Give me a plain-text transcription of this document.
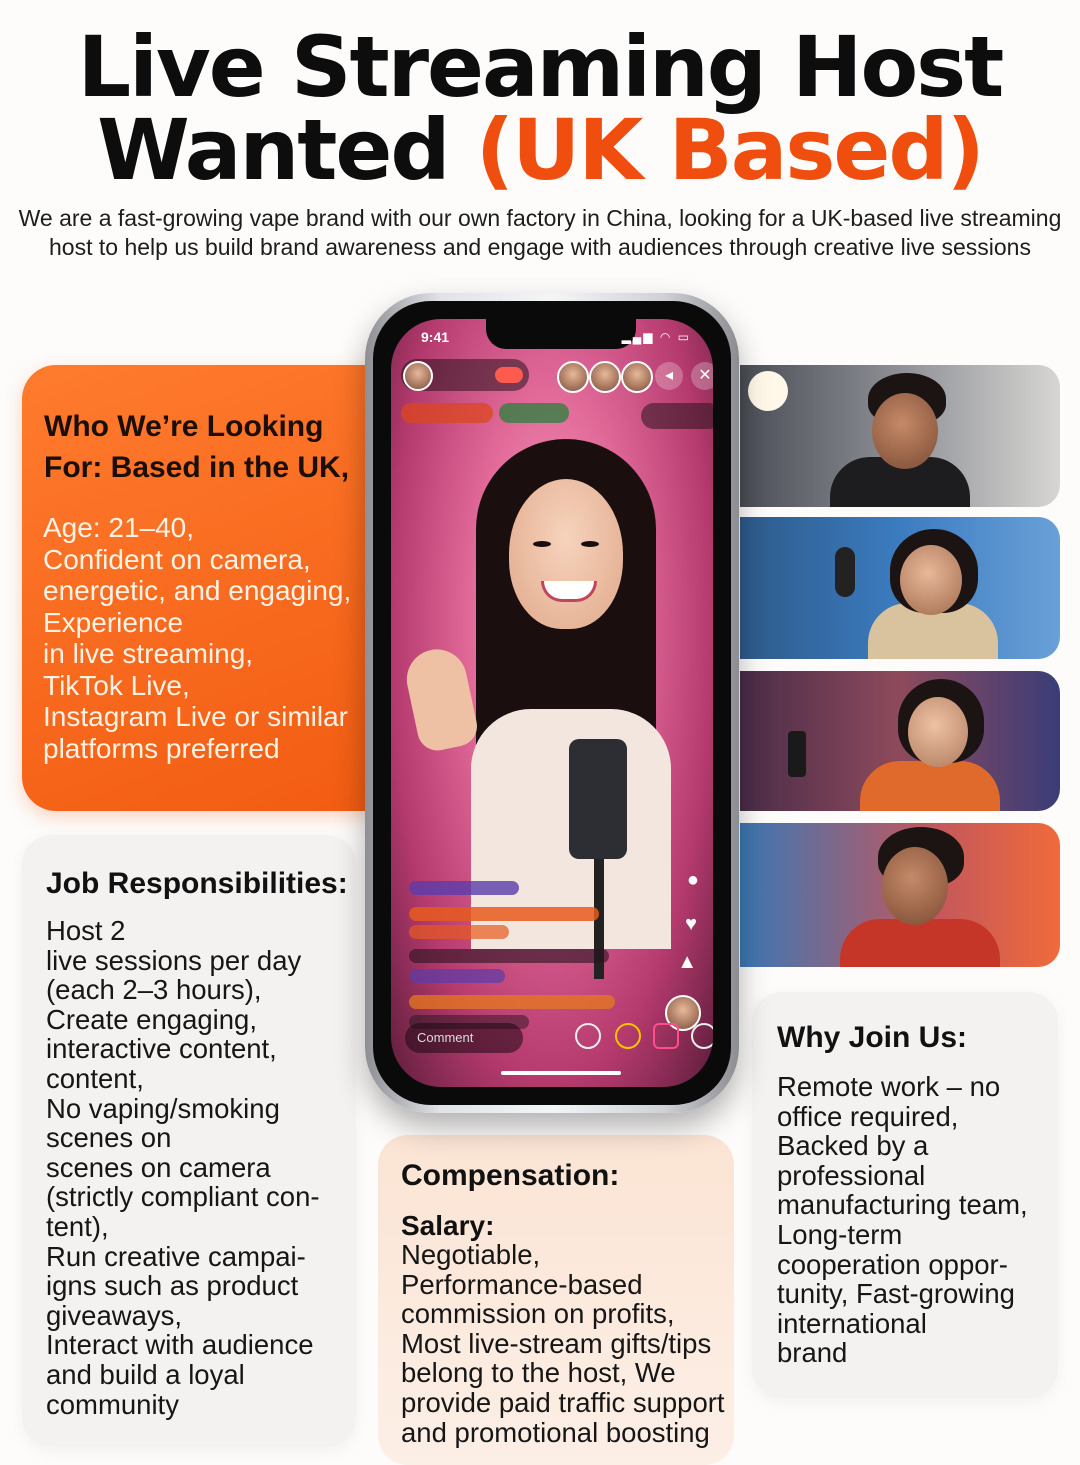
Live Streaming Host
Wanted (UK Based)
We are a fast-growing vape brand with our own factory in China, looking for a UK-based live streaming
host to help us build brand awareness and engage with audiences through creative live sessions
Who We’re Looking
For: Based in the UK,
Age: 21–40,
Confident on camera,
energetic, and engaging,
Experience
in live streaming,
TikTok Live,
Instagram Live or similar
platforms preferred
Job Responsibilities:
Host 2
live sessions per day
(each 2–3 hours),
Create engaging,
interactive content,
content,
No vaping/smoking
scenes on
scenes on camera
(strictly compliant con-
tent),
Run creative campai-
igns such as product
giveaways,
Interact with audience
and build a loyal
community
Compensation:
Salary:
Negotiable,
Performance-based
commission on profits,
Most live-stream gifts/tips
belong to the host, We
provide paid traffic support
and promotional boosting
Why Join Us:
Remote work – no
office required,
Backed by a
professional
manufacturing team,
Long-term
cooperation oppor-
tunity, Fast-growing
international
brand
9:41	▂▄▆ ◠ ▭
◂	✕
●
♥
▲
Comment
